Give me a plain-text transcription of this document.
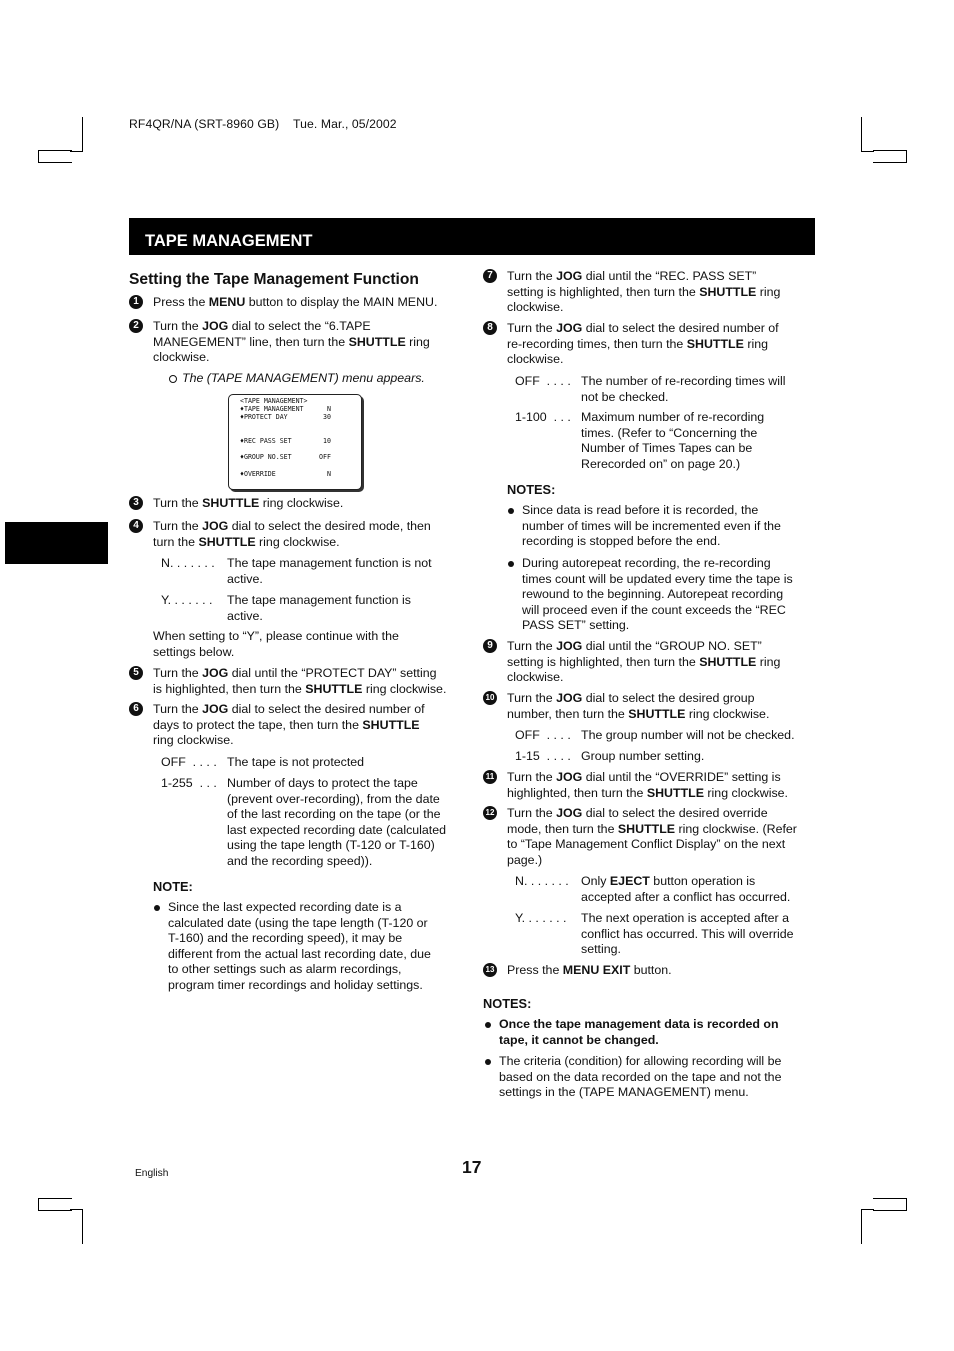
RF4QR/NA (SRT-8960 GB)    Tue. Mar., 05/2002
TAPE MANAGEMENT
Setting the Tape Management Function
1	Press the MENU button to display the MAIN MENU.
2	Turn the JOG dial to select the “6.TAPE
MANEGEMENT” line, then turn the SHUTTLE ring
clockwise.
The (TAPE MANAGEMENT) menu appears.
<TAPE MANAGEMENT>
♦TAPE MANAGEMENT	N
♦PROTECT DAY	30
♦REC PASS SET	10
♦GROUP NO.SET	OFF
♦OVERRIDE	N
3	Turn the SHUTTLE ring clockwise.
4	Turn the JOG dial to select the desired mode, then
turn the SHUTTLE ring clockwise.
N. . . . . . . The tape management function is not
active.
Y. . . . . . . The tape management function is
active.
When setting to “Y”, please continue with the
settings below.
5	Turn the JOG dial until the “PROTECT DAY” setting
is highlighted, then turn the SHUTTLE ring clockwise.
6	Turn the JOG dial to select the desired number of
days to protect the tape, then turn the SHUTTLE
ring clockwise.
OFF  . . . . The tape is not protected
1-255  . . . Number of days to protect the tape
(prevent over-recording), from the date
of the last recording on the tape (or the
last expected recording date (calculated
using the tape length (T-120 or T-160)
and the recording speed)).
NOTE:
Since the last expected recording date is a
calculated date (using the tape length (T-120 or
T-160) and the recording speed), it may be
different from the actual last recording date, due
to other settings such as alarm recordings,
program timer recordings and holiday settings.
7	Turn the JOG dial until the “REC. PASS SET”
setting is highlighted, then turn the SHUTTLE ring
clockwise.
8	Turn the JOG dial to select the desired number of
re-recording times, then turn the SHUTTLE ring
clockwise.
OFF  . . . . The number of re-recording times will
not be checked.
1-100  . . . Maximum number of re-recording
times. (Refer to “Concerning the
Number of Times Tapes can be
Rerecorded on” on page 20.)
NOTES:
Since data is read before it is recorded, the
number of times will be incremented even if the
recording is stopped before the end.
During autorepeat recording, the re-recording
times count will be updated every time the tape is
rewound to the beginning. Autorepeat recording
will proceed even if the count exceeds the “REC
PASS SET” setting.
9	Turn the JOG dial until the “GROUP NO. SET”
setting is highlighted, then turn the SHUTTLE ring
clockwise.
10 Turn the JOG dial to select the desired group
number, then turn the SHUTTLE ring clockwise.
OFF  . . . . The group number will not be checked.
1-15  . . . . Group number setting.
11 Turn the JOG dial until the “OVERRIDE” setting is
highlighted, then turn the SHUTTLE ring clockwise.
12 Turn the JOG dial to select the desired override
mode, then turn the SHUTTLE ring clockwise. (Refer
to “Tape Management Conflict Display” on the next
page.)
N. . . . . . . Only EJECT button operation is
accepted after a conflict has occurred.
Y. . . . . . . The next operation is accepted after a
conflict has occurred. This will override
setting.
13 Press the MENU EXIT button.
NOTES:
Once the tape management data is recorded on
tape, it cannot be changed.
The criteria (condition) for allowing recording will be
based on the data recorded on the tape and not the
settings in the (TAPE MANAGEMENT) menu.
English	17
